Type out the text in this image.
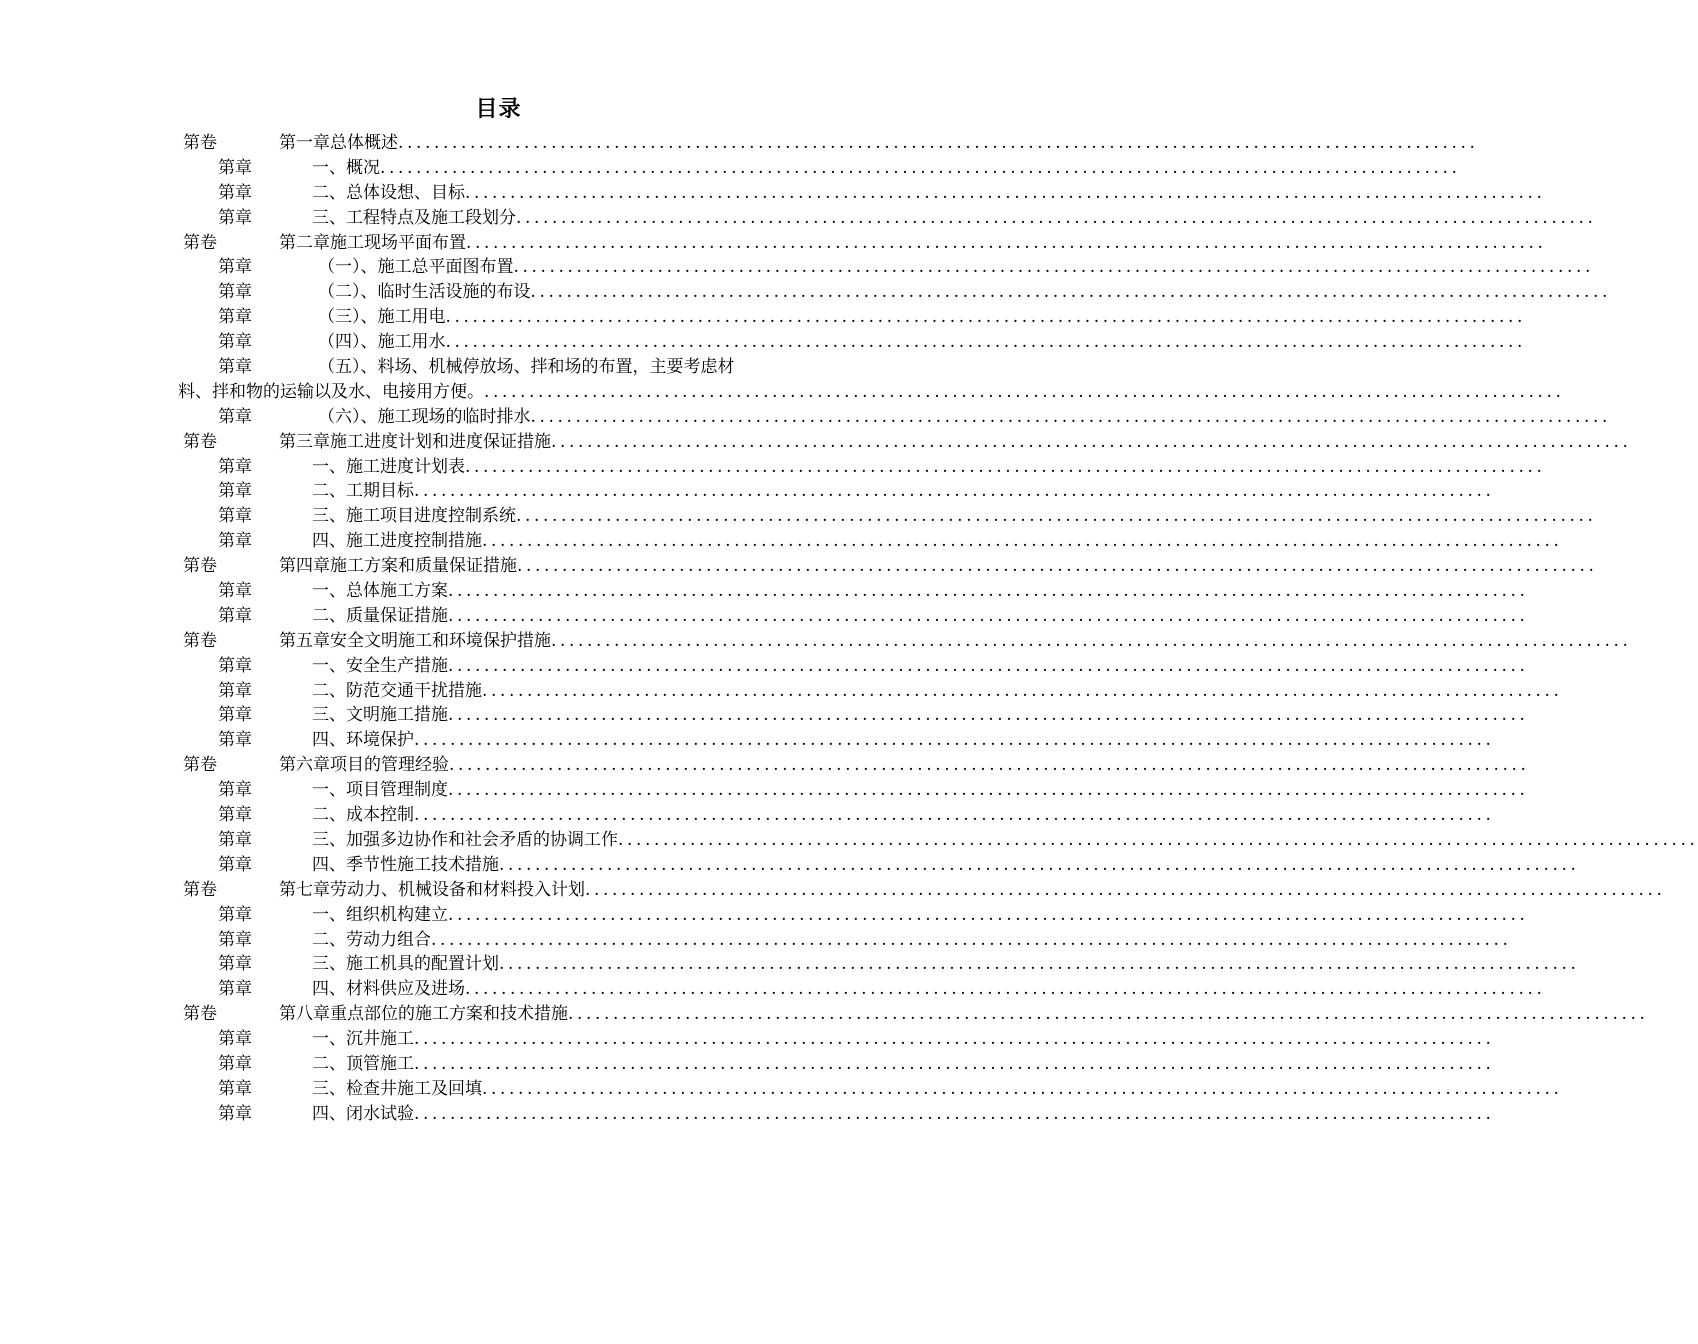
目录
第卷	第一章总体概述 ........................................................................................................................
第章	一、概况 ........................................................................................................................
第章	二、总体设想、目标 ........................................................................................................................
第章	三、工程特点及施工段划分 ........................................................................................................................
第卷	第二章施工现场平面布置 ........................................................................................................................
第章	（一）、施工总平面图布置 ........................................................................................................................
第章	（二）、临时生活设施的布设 ........................................................................................................................
第章	（三）、施工用电 ........................................................................................................................
第章	（四）、施工用水 ........................................................................................................................
第章	（五）、料场、机械停放场、拌和场的布置，主要考虑材
料、拌和物的运输以及水、电接用方便。 ........................................................................................................................
第章	（六）、施工现场的临时排水 ........................................................................................................................
第卷	第三章施工进度计划和进度保证措施 ........................................................................................................................
第章	一、施工进度计划表 ........................................................................................................................
第章	二、工期目标 ........................................................................................................................
第章	三、施工项目进度控制系统 ........................................................................................................................
第章	四、施工进度控制措施 ........................................................................................................................
第卷	第四章施工方案和质量保证措施 ........................................................................................................................
第章	一、总体施工方案 ........................................................................................................................
第章	二、质量保证措施 ........................................................................................................................
第卷	第五章安全文明施工和环境保护措施 ........................................................................................................................
第章	一、安全生产措施 ........................................................................................................................
第章	二、防范交通干扰措施 ........................................................................................................................
第章	三、文明施工措施 ........................................................................................................................
第章	四、环境保护 ........................................................................................................................
第卷	第六章项目的管理经验 ........................................................................................................................
第章	一、项目管理制度 ........................................................................................................................
第章	二、成本控制 ........................................................................................................................
第章	三、加强多边协作和社会矛盾的协调工作 ........................................................................................................................
第章	四、季节性施工技术措施 ........................................................................................................................
第卷	第七章劳动力、机械设备和材料投入计划 ........................................................................................................................
第章	一、组织机构建立 ........................................................................................................................
第章	二、劳动力组合 ........................................................................................................................
第章	三、施工机具的配置计划 ........................................................................................................................
第章	四、材料供应及进场 ........................................................................................................................
第卷	第八章重点部位的施工方案和技术措施 ........................................................................................................................
第章	一、沉井施工 ........................................................................................................................
第章	二、顶管施工 ........................................................................................................................
第章	三、检查井施工及回填 ........................................................................................................................
第章	四、闭水试验 ........................................................................................................................
